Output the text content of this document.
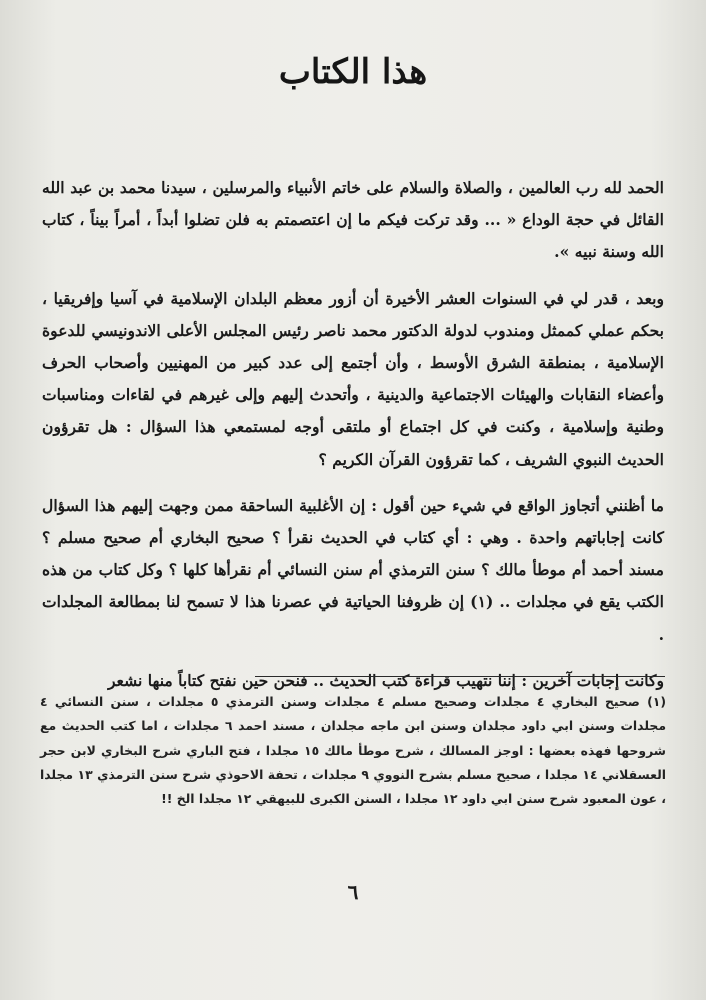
هذا الكتاب

الحمد لله رب العالمين ، والصلاة والسلام على خاتم الأنبياء والمرسلين ، سيدنا محمد بن عبد الله القائل في حجة الوداع « ... وقد تركت فيكم ما إن اعتصمتم به فلن تضلوا أبداً ، أمراً بيناً ، كتاب الله وسنة نبيه ».

وبعد ، قدر لي في السنوات العشر الأخيرة أن أزور معظم البلدان الإسلامية في آسيا وإفريقيا ، بحكم عملي كممثل ومندوب لدولة الدكتور محمد ناصر رئيس المجلس الأعلى الاندونيسي للدعوة الإسلامية ، بمنطقة الشرق الأوسط ، وأن أجتمع إلى عدد كبير من المهنيين وأصحاب الحرف وأعضاء النقابات والهيئات الاجتماعية والدينية ، وأتحدث إليهم وإلى غيرهم في لقاءات ومناسبات وطنية وإسلامية ، وكنت في كل اجتماع أو ملتقى أوجه لمستمعي هذا السؤال : هل تقرؤون الحديث النبوي الشريف ، كما تقرؤون القرآن الكريم ؟

ما أظنني أتجاوز الواقع في شيء حين أقول : إن الأغلبية الساحقة ممن وجهت إليهم هذا السؤال كانت إجاباتهم واحدة . وهي : أي كتاب في الحديث نقرأ ؟ صحيح البخاري أم صحيح مسلم ؟ مسند أحمد أم موطأ مالك ؟ سنن الترمذي أم سنن النسائي أم نقرأها كلها ؟ وكل كتاب من هذه الكتب يقع في مجلدات .. (١) إن ظروفنا الحياتية في عصرنا هذا لا تسمح لنا بمطالعة المجلدات .

وكانت إجابات آخرين : إننا نتهيب قراءة كتب الحديث .. فنحن حين نفتح كتاباً منها نشعر

(١) صحيح البخاري ٤ مجلدات وصحيح مسلم ٤ مجلدات وسنن الترمذي ٥ مجلدات ، سنن النسائي ٤ مجلدات وسنن ابي داود مجلدان وسنن ابن ماجه مجلدان ، مسند احمد ٦ مجلدات ، اما كتب الحديث مع شروحها فهذه بعضها : اوجز المسالك ، شرح موطأ مالك ١٥ مجلدا ، فتح الباري شرح البخاري لابن حجر العسقلاني ١٤ مجلدا ، صحيح مسلم بشرح النووي ٩ مجلدات ، تحفة الاحوذي شرح سنن الترمذي ١٣ مجلدا ، عون المعبود شرح سنن ابي داود ١٢ مجلدا ، السنن الكبرى للبيهقي ١٢ مجلدا الخ !!
٦
